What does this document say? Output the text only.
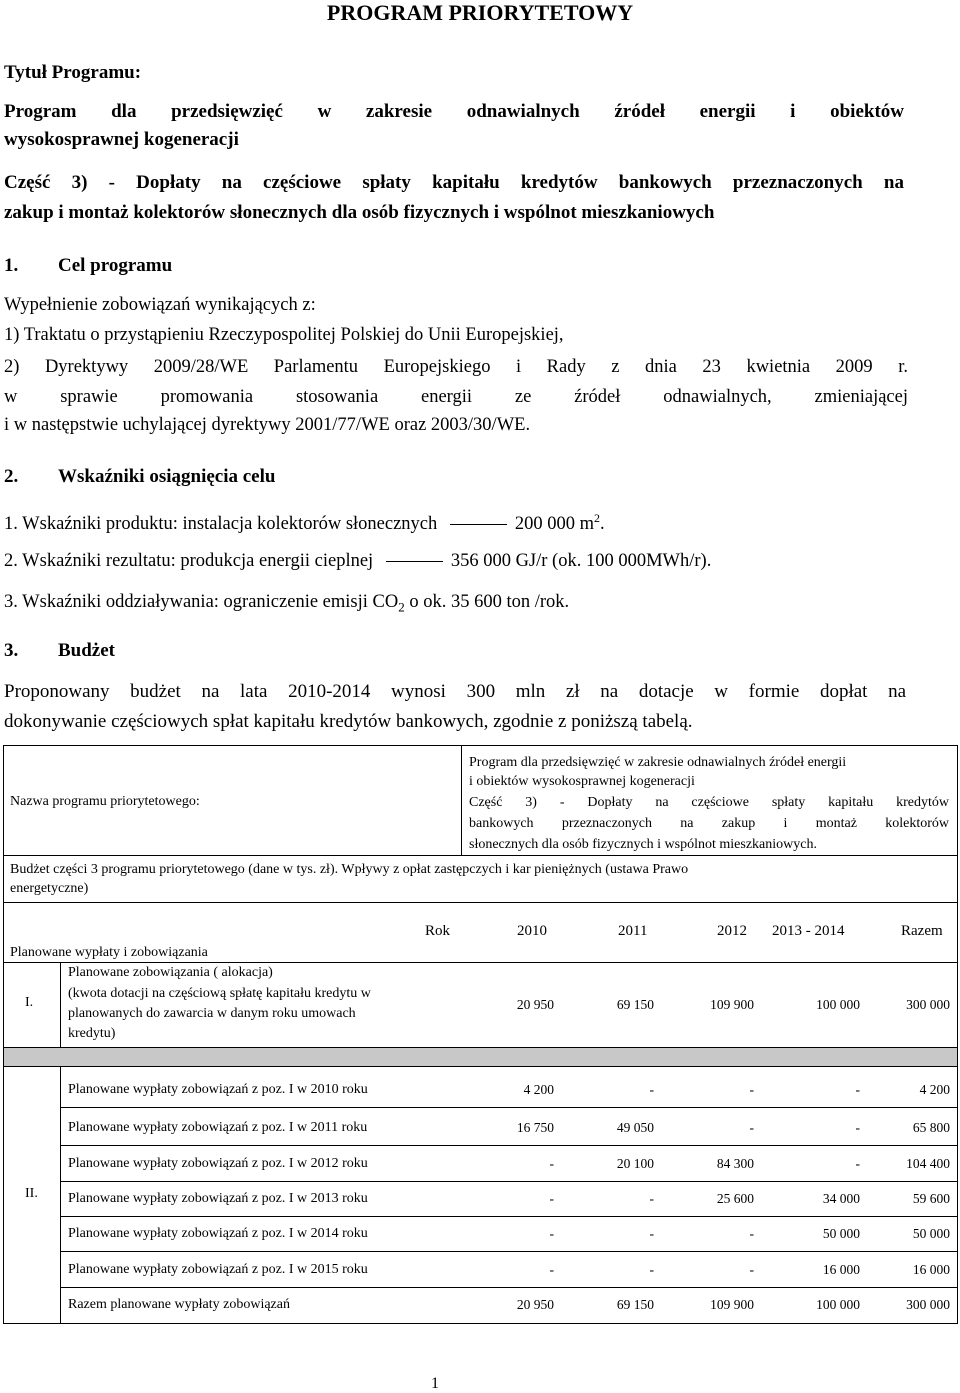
PROGRAM PRIORYTETOWY
Tytuł Programu:
Program dla przedsięwzięć w zakresie odnawialnych źródeł energii i obiektów
wysokosprawnej kogeneracji
Część 3) - Dopłaty na częściowe spłaty kapitału kredytów bankowych przeznaczonych na
zakup i montaż kolektorów słonecznych dla osób fizycznych i wspólnot mieszkaniowych
1. Cel programu
Wypełnienie zobowiązań wynikających z:
1) Traktatu o przystąpieniu Rzeczypospolitej Polskiej do Unii Europejskiej,
2) Dyrektywy 2009/28/WE Parlamentu Europejskiego i Rady z dnia 23 kwietnia 2009 r.
w sprawie promowania stosowania energii ze źródeł odnawialnych, zmieniającej
i w następstwie uchylającej dyrektywy 2001/77/WE oraz 2003/30/WE.
2. Wskaźniki osiągnięcia celu
1. Wskaźniki produktu: instalacja kolektorów słonecznych	200 000 $m^2$.
2. Wskaźniki rezultatu: produkcja energii cieplnej	356 000 GJ/r (ok. 100 000MWh/r).
3. Wskaźniki oddziaływania: ograniczenie emisji $CO_2$ o ok. 35 600 ton /rok.
3. Budżet
Proponowany budżet na lata 2010-2014 wynosi 300 mln zł na dotacje w formie dopłat na
dokonywanie częściowych spłat kapitału kredytów bankowych, zgodnie z poniższą tabelą.
Nazwa programu priorytetowego:
Program dla przedsięwzięć w zakresie odnawialnych źródeł energii
i obiektów wysokosprawnej kogeneracji
Część 3) - Dopłaty na częściowe spłaty kapitału kredytów
bankowych przeznaczonych na zakup i montaż kolektorów
słonecznych dla osób fizycznych i wspólnot mieszkaniowych.
Budżet części 3 programu priorytetowego (dane w tys. zł). Wpływy z opłat zastępczych i kar pieniężnych (ustawa Prawo
energetyczne)
Rok	2010	2011	2012 2013 - 2014	Razem
Planowane wypłaty i zobowiązania
I.
Planowane zobowiązania ( alokacja)
(kwota dotacji na częściową spłatę kapitału kredytu w
planowanych do zawarcia w danym roku umowach
kredytu)
20 950	69 150	109 900	100 000	300 000
II.
Planowane wypłaty zobowiązań z poz. I w 2010 roku	4 200	-	-	-	4 200
Planowane wypłaty zobowiązań z poz. I w 2011 roku	16 750	49 050	-	-	65 800
Planowane wypłaty zobowiązań z poz. I w 2012 roku	-	20 100	84 300	-	104 400
Planowane wypłaty zobowiązań z poz. I w 2013 roku	-	-	25 600	34 000	59 600
Planowane wypłaty zobowiązań z poz. I w 2014 roku	-	-	-	50 000	50 000
Planowane wypłaty zobowiązań z poz. I w 2015 roku	-	-	-	16 000	16 000
Razem planowane wypłaty zobowiązań	20 950	69 150	109 900	100 000	300 000
1
